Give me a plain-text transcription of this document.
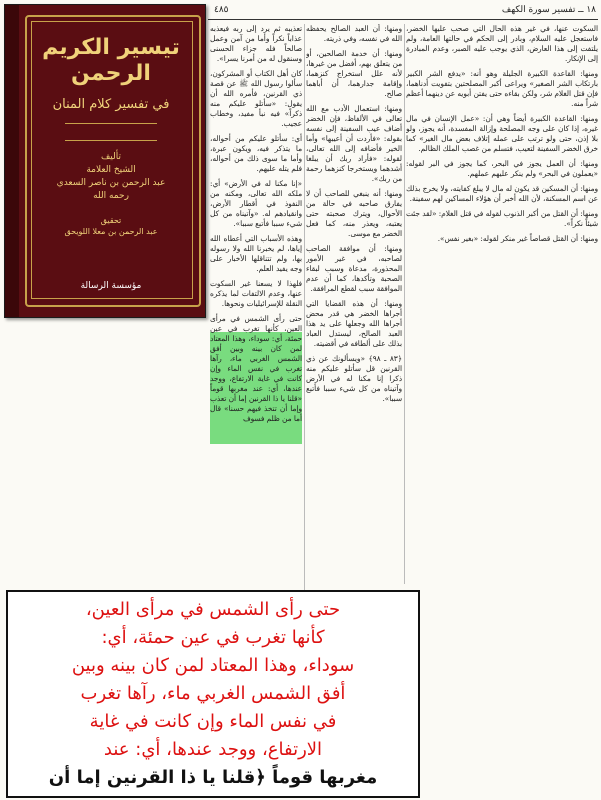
١٨ ــ تفسير سورة الكهف
٤٨٥
تيسير الكريم الرحمن
في تفسير كلام المنان
تأليف
الشيخ العلامة
عبد الرحمن بن ناصر السعدي
رحمه الله
تحقيق
عبد الرحمن بن معلا اللويحق
مؤسسة الرسالة

السكوت عنها، في غير هذه الحال التي صحب عليها الخضر، فاستعجل عليه السلام، وبادر إلى الحكم في حالتها العامة، ولم يلتفت إلى هذا العارض، الذي يوجب عليه الصبر، وعدم المبادرة إلى الإنكار.

ومنها: القاعدة الكبيرة الجليلة وهو أنه: «يدفع الشر الكبير بارتكاب الشر الصغير» ويراعى أكبر المصلحتين بتفويت أدناهما، فإن قتل الغلام شر، ولكن بقاءه حتى يفتن أبويه عن دينهما أعظم شراً منه.

ومنها: القاعدة الكبيرة أيضاً وهي أن: «عمل الإنسان في مال غيره، إذا كان على وجه المصلحة وإزالة المفسدة، أنه يجوز، ولو بلا إذن، حتى ولو ترتب على عمله إتلاف بعض مال الغير» كما خرق الخضر السفينة لتعيب، فتسلم من غصب الملك الظالم.

ومنها: أن العمل يجوز في البحر، كما يجوز في البر لقوله: «يعملون في البحر» ولم ينكر عليهم عملهم.

ومنها: أن المسكين قد يكون له مال لا يبلغ كفايته، ولا يخرج بذلك عن اسم المسكنة، لأن الله أخبر أن هؤلاء المساكين لهم سفينة.

ومنها: أن القتل من أكبر الذنوب لقوله في قتل الغلام: «لقد جئت شيئاً نكراً».

ومنها: أن القتل قصاصاً غير منكر لقوله: «بغير نفس».

ومنها: أن العبد الصالح يحفظه الله في نفسه، وفي ذريته.

ومنها: أن خدمة الصالحين، أو من يتعلق بهم، أفضل من غيرها، لأنه علل استخراج كنزهما، وإقامة جدارهما، أن أباهما صالح.

ومنها: استعمال الأدب مع الله تعالى في الألفاظ، فإن الخضر أضاف عيب السفينة إلى نفسه بقوله: «فأردت أن أعيبها» وأما الخير فأضافه إلى الله تعالى، لقوله: «فأراد ربك أن يبلغا أشدهما ويستخرجا كنزهما رحمة من ربك».

ومنها: أنه ينبغي للصاحب أن لا يفارق صاحبه في حالة من الأحوال، ويترك صحبته حتى يعتبه، ويعذر منه، كما فعل الخضر مع موسى.

ومنها: أن موافقة الصاحب لصاحبه، في غير الأمور المحذورة، مدعاة وسبب لبقاء الصحبة وتأكدها، كما أن عدم الموافقة سبب لقطع المرافقة.

ومنها: أن هذه القضايا التي أجراها الخضر هي قدر محض أجراها الله وجعلها على يد هذا العبد الصالح، ليستدل العباد بذلك على ألطافه في أقضيته.

﴿٨٣ ـ ٩٨﴾ «ويسألونك عن ذي القرنين قل سأتلو عليكم منه ذكرا إنا مكنا له في الأرض وآتيناه من كل شيء سببا فأتبع سببا».

تعذيبه ثم يرد إلى ربه فيعذبه عذاباً نكراً وأما من آمن وعمل صالحاً فله جزاء الحسنى وسنقول له من أمرنا يسرا».

كان أهل الكتاب أو المشركون، سألوا رسول الله ﷺ عن قصة ذي القرنين، فأمره الله أن يقول: «سأتلو عليكم منه ذكراً» فيه نبأ مفيد، وخطاب عجيب.

أي: سأتلو عليكم من أحواله، ما يتذكر فيه، ويكون عبرة، وأما ما سوى ذلك من أحواله، فلم يتله عليهم.

«إنا مكنا له في الأرض» أي: ملكه الله تعالى، ومكنه من النفوذ في أقطار الأرض، وانقيادهم له. «وآتيناه من كل شيء سببا فأتبع سببا».

وهذه الأسباب التي أعطاه الله إياها، لم يخبرنا الله ولا رسوله بها، ولم تتناقلها الأخبار على وجه يفيد العلم.

فلهذا لا يسعنا غير السكوت عنها، وعدم الالتفات لما يذكره النقلة للإسرائيليات ونحوها.

حتى رأى الشمس في مرأى العين، كأنها تغرب في عين حمئة، أي: سوداء، وهذا المعتاد لمن كان بينه وبين أفق الشمس الغربي ماء، رآها تغرب في نفس الماء وإن كانت في غاية الارتفاع، ووجد عندها، أي: عند مغربها قوماً «قلنا يا ذا القرنين إما أن تعذب وإما أن تتخذ فيهم حسنا» قال أما من ظلم فسوف

حتى رأى الشمس في مرأى العين،
كأنها تغرب في عين حمئة، أي:
سوداء، وهذا المعتاد لمن كان بينه وبين
أفق الشمس الغربي ماء، رآها تغرب
في نفس الماء وإن كانت في غاية
الارتفاع، ووجد عندها، أي: عند
مغربها قوماً ﴿قلنا يا ذا القرنين إما أن
